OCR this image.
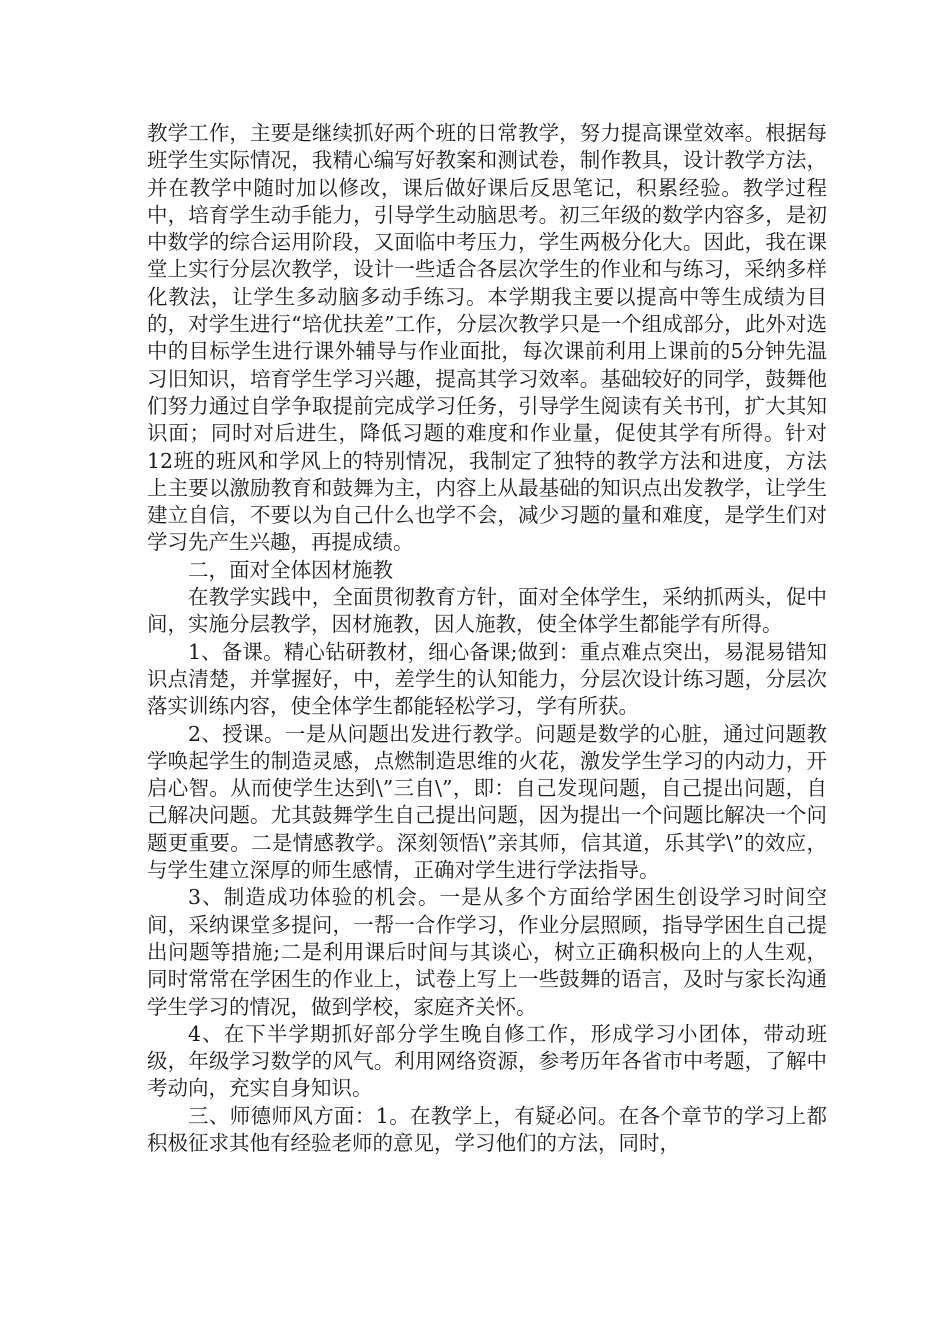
教学工作，主要是继续抓好两个班的日常教学，努力提高课堂效率。根据每班学生实际情况，我精心编写好教案和测试卷，制作教具，设计教学方法，并在教学中随时加以修改，课后做好课后反思笔记，积累经验。教学过程中，培育学生动手能力，引导学生动脑思考。初三年级的数学内容多，是初中数学的综合运用阶段，又面临中考压力，学生两极分化大。因此，我在课堂上实行分层次教学，设计一些适合各层次学生的作业和与练习，采纳多样化教法，让学生多动脑多动手练习。本学期我主要以提高中等生成绩为目的，对学生进行“培优扶差”工作，分层次教学只是一个组成部分，此外对选中的目标学生进行课外辅导与作业面批，每次课前利用上课前的5分钟先温习旧知识，培育学生学习兴趣，提高其学习效率。基础较好的同学，鼓舞他们努力通过自学争取提前完成学习任务，引导学生阅读有关书刊，扩大其知识面；同时对后进生，降低习题的难度和作业量，促使其学有所得。针对12班的班风和学风上的特别情况，我制定了独特的教学方法和进度，方法上主要以激励教育和鼓舞为主，内容上从最基础的知识点出发教学，让学生建立自信，不要以为自己什么也学不会，减少习题的量和难度，是学生们对学习先产生兴趣，再提成绩。

二，面对全体因材施教

在教学实践中，全面贯彻教育方针，面对全体学生，采纳抓两头，促中间，实施分层教学，因材施教，因人施教，使全体学生都能学有所得。

1、备课。精心钻研教材，细心备课;做到：重点难点突出，易混易错知识点清楚，并掌握好，中，差学生的认知能力，分层次设计练习题，分层次落实训练内容，使全体学生都能轻松学习，学有所获。

2、授课。一是从问题出发进行教学。问题是数学的心脏，通过问题教学唤起学生的制造灵感，点燃制造思维的火花，激发学生学习的内动力，开启心智。从而使学生达到\”三自\”，即：自己发现问题，自己提出问题，自己解决问题。尤其鼓舞学生自己提出问题，因为提出一个问题比解决一个问题更重要。二是情感教学。深刻领悟\”亲其师，信其道，乐其学\”的效应，与学生建立深厚的师生感情，正确对学生进行学法指导。

3、制造成功体验的机会。一是从多个方面给学困生创设学习时间空间，采纳课堂多提问，一帮一合作学习，作业分层照顾，指导学困生自己提出问题等措施;二是利用课后时间与其谈心，树立正确积极向上的人生观，同时常常在学困生的作业上，试卷上写上一些鼓舞的语言，及时与家长沟通学生学习的情况，做到学校，家庭齐关怀。

4、在下半学期抓好部分学生晚自修工作，形成学习小团体，带动班级，年级学习数学的风气。利用网络资源，参考历年各省市中考题，了解中考动向，充实自身知识。

三、师德师风方面：1。在教学上，有疑必问。在各个章节的学习上都积极征求其他有经验老师的意见，学习他们的方法，同时，
